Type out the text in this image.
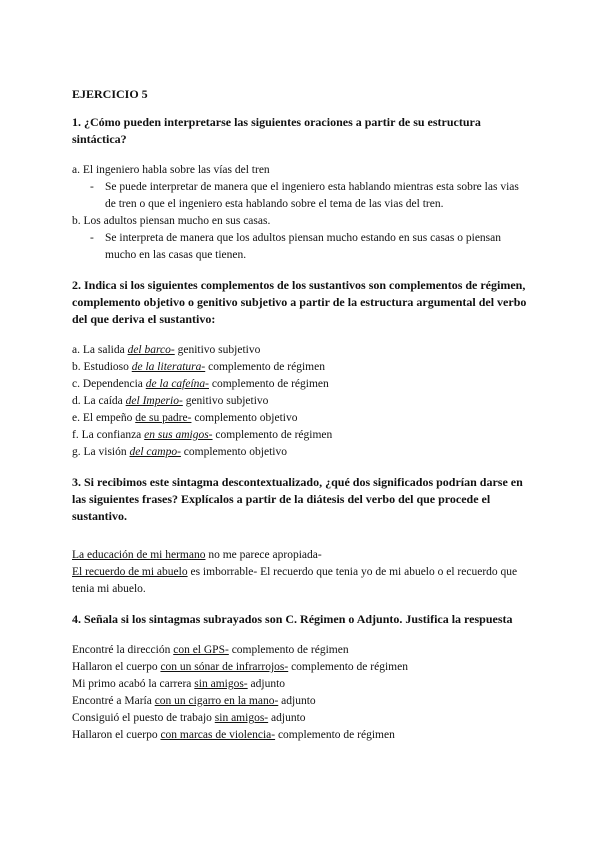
EJERCICIO 5

1. ¿Cómo pueden interpretarse las siguientes oraciones a partir de su estructura sintáctica?

a. El ingeniero habla sobre las vías del tren

- Se puede interpretar de manera que el ingeniero esta hablando mientras esta sobre las vias de tren o que el ingeniero esta hablando sobre el tema de las vias del tren.

b. Los adultos piensan mucho en sus casas.

- Se interpreta de manera que los adultos piensan mucho estando en sus casas o piensan mucho en las casas que tienen.

2. Indica si los siguientes complementos de los sustantivos son complementos de régimen, complemento objetivo o genitivo subjetivo a partir de la estructura argumental del verbo del que deriva el sustantivo:

a. La salida del barco- genitivo subjetivo

b. Estudioso de la literatura- complemento de régimen

c. Dependencia de la cafeína- complemento de régimen

d. La caída del Imperio- genitivo subjetivo

e. El empeño de su padre- complemento objetivo

f. La confianza en sus amigos- complemento de régimen

g. La visión del campo- complemento objetivo

3. Si recibimos este sintagma descontextualizado, ¿qué dos significados podrían darse en las siguientes frases? Explícalos a partir de la diátesis del verbo del que procede el sustantivo.

La educación de mi hermano no me parece apropiada-

El recuerdo de mi abuelo es imborrable- El recuerdo que tenia yo de mi abuelo o el recuerdo que tenia mi abuelo.

4. Señala si los sintagmas subrayados son C. Régimen o Adjunto. Justifica la respuesta

Encontré la dirección con el GPS- complemento de régimen

Hallaron el cuerpo con un sónar de infrarrojos- complemento de régimen

Mi primo acabó la carrera sin amigos- adjunto

Encontré a María con un cigarro en la mano- adjunto

Consiguió el puesto de trabajo sin amigos- adjunto

Hallaron el cuerpo con marcas de violencia- complemento de régimen
